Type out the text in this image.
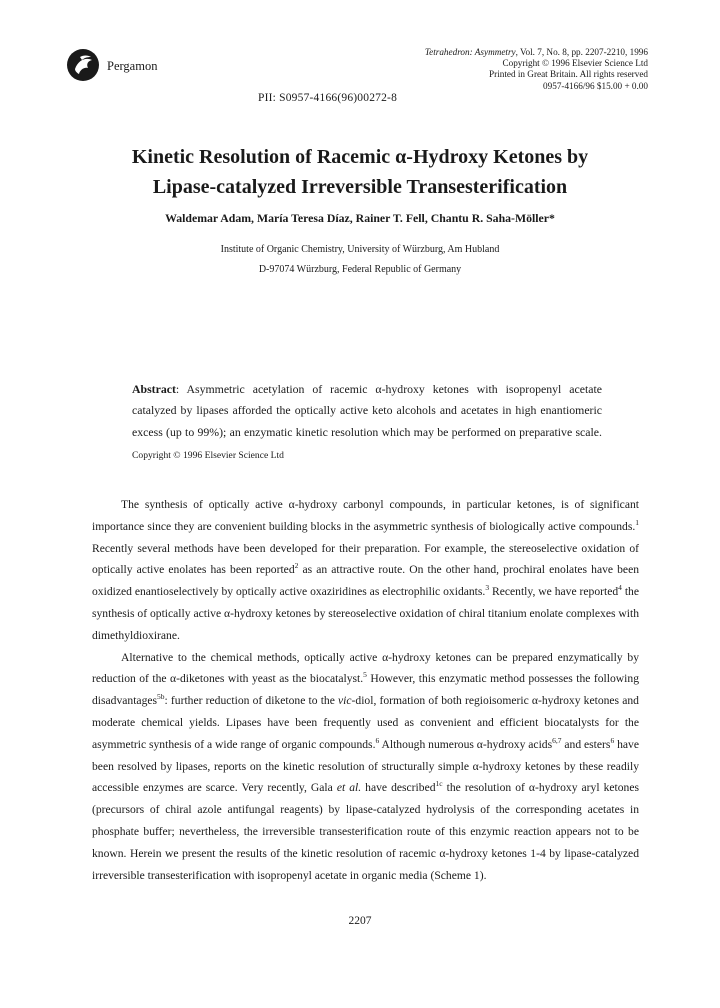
Pergamon
Tetrahedron: Asymmetry, Vol. 7, No. 8, pp. 2207-2210, 1996
Copyright © 1996 Elsevier Science Ltd
Printed in Great Britain. All rights reserved
0957-4166/96 $15.00 + 0.00
PII: S0957-4166(96)00272-8
Kinetic Resolution of Racemic α-Hydroxy Ketones by
Lipase-catalyzed Irreversible Transesterification
Waldemar Adam, María Teresa Díaz, Rainer T. Fell, Chantu R. Saha-Möller*
Institute of Organic Chemistry, University of Würzburg, Am Hubland
D-97074 Würzburg, Federal Republic of Germany
Abstract: Asymmetric acetylation of racemic α-hydroxy ketones with isopropenyl acetate catalyzed by lipases afforded the optically active keto alcohols and acetates in high enantiomeric excess (up to 99%); an enzymatic kinetic resolution which may be performed on preparative scale. Copyright © 1996 Elsevier Science Ltd

The synthesis of optically active α-hydroxy carbonyl compounds, in particular ketones, is of significant importance since they are convenient building blocks in the asymmetric synthesis of biologically active compounds.$^1$ Recently several methods have been developed for their preparation. For example, the stereoselective oxidation of optically active enolates has been reported$^2$ as an attractive route. On the other hand, prochiral enolates have been oxidized enantioselectively by optically active oxaziridines as electrophilic oxidants.$^3$ Recently, we have reported$^4$ the synthesis of optically active α-hydroxy ketones by stereoselective oxidation of chiral titanium enolate complexes with dimethyldioxirane.

Alternative to the chemical methods, optically active α-hydroxy ketones can be prepared enzymatically by reduction of the α-diketones with yeast as the biocatalyst.$^5$ However, this enzymatic method possesses the following disadvantages$^{5b}$: further reduction of diketone to the vic-diol, formation of both regioisomeric α-hydroxy ketones and moderate chemical yields. Lipases have been frequently used as convenient and efficient biocatalysts for the asymmetric synthesis of a wide range of organic compounds.$^6$ Although numerous α-hydroxy acids$^{6,7}$ and esters$^6$ have been resolved by lipases, reports on the kinetic resolution of structurally simple α-hydroxy ketones by these readily accessible enzymes are scarce. Very recently, Gala et al. have described$^{1c}$ the resolution of α-hydroxy aryl ketones (precursors of chiral azole antifungal reagents) by lipase-catalyzed hydrolysis of the corresponding acetates in phosphate buffer; nevertheless, the irreversible transesterification route of this enzymic reaction appears not to be known. Herein we present the results of the kinetic resolution of racemic α-hydroxy ketones 1-4 by lipase-catalyzed irreversible transesterification with isopropenyl acetate in organic media (Scheme 1).

2207
